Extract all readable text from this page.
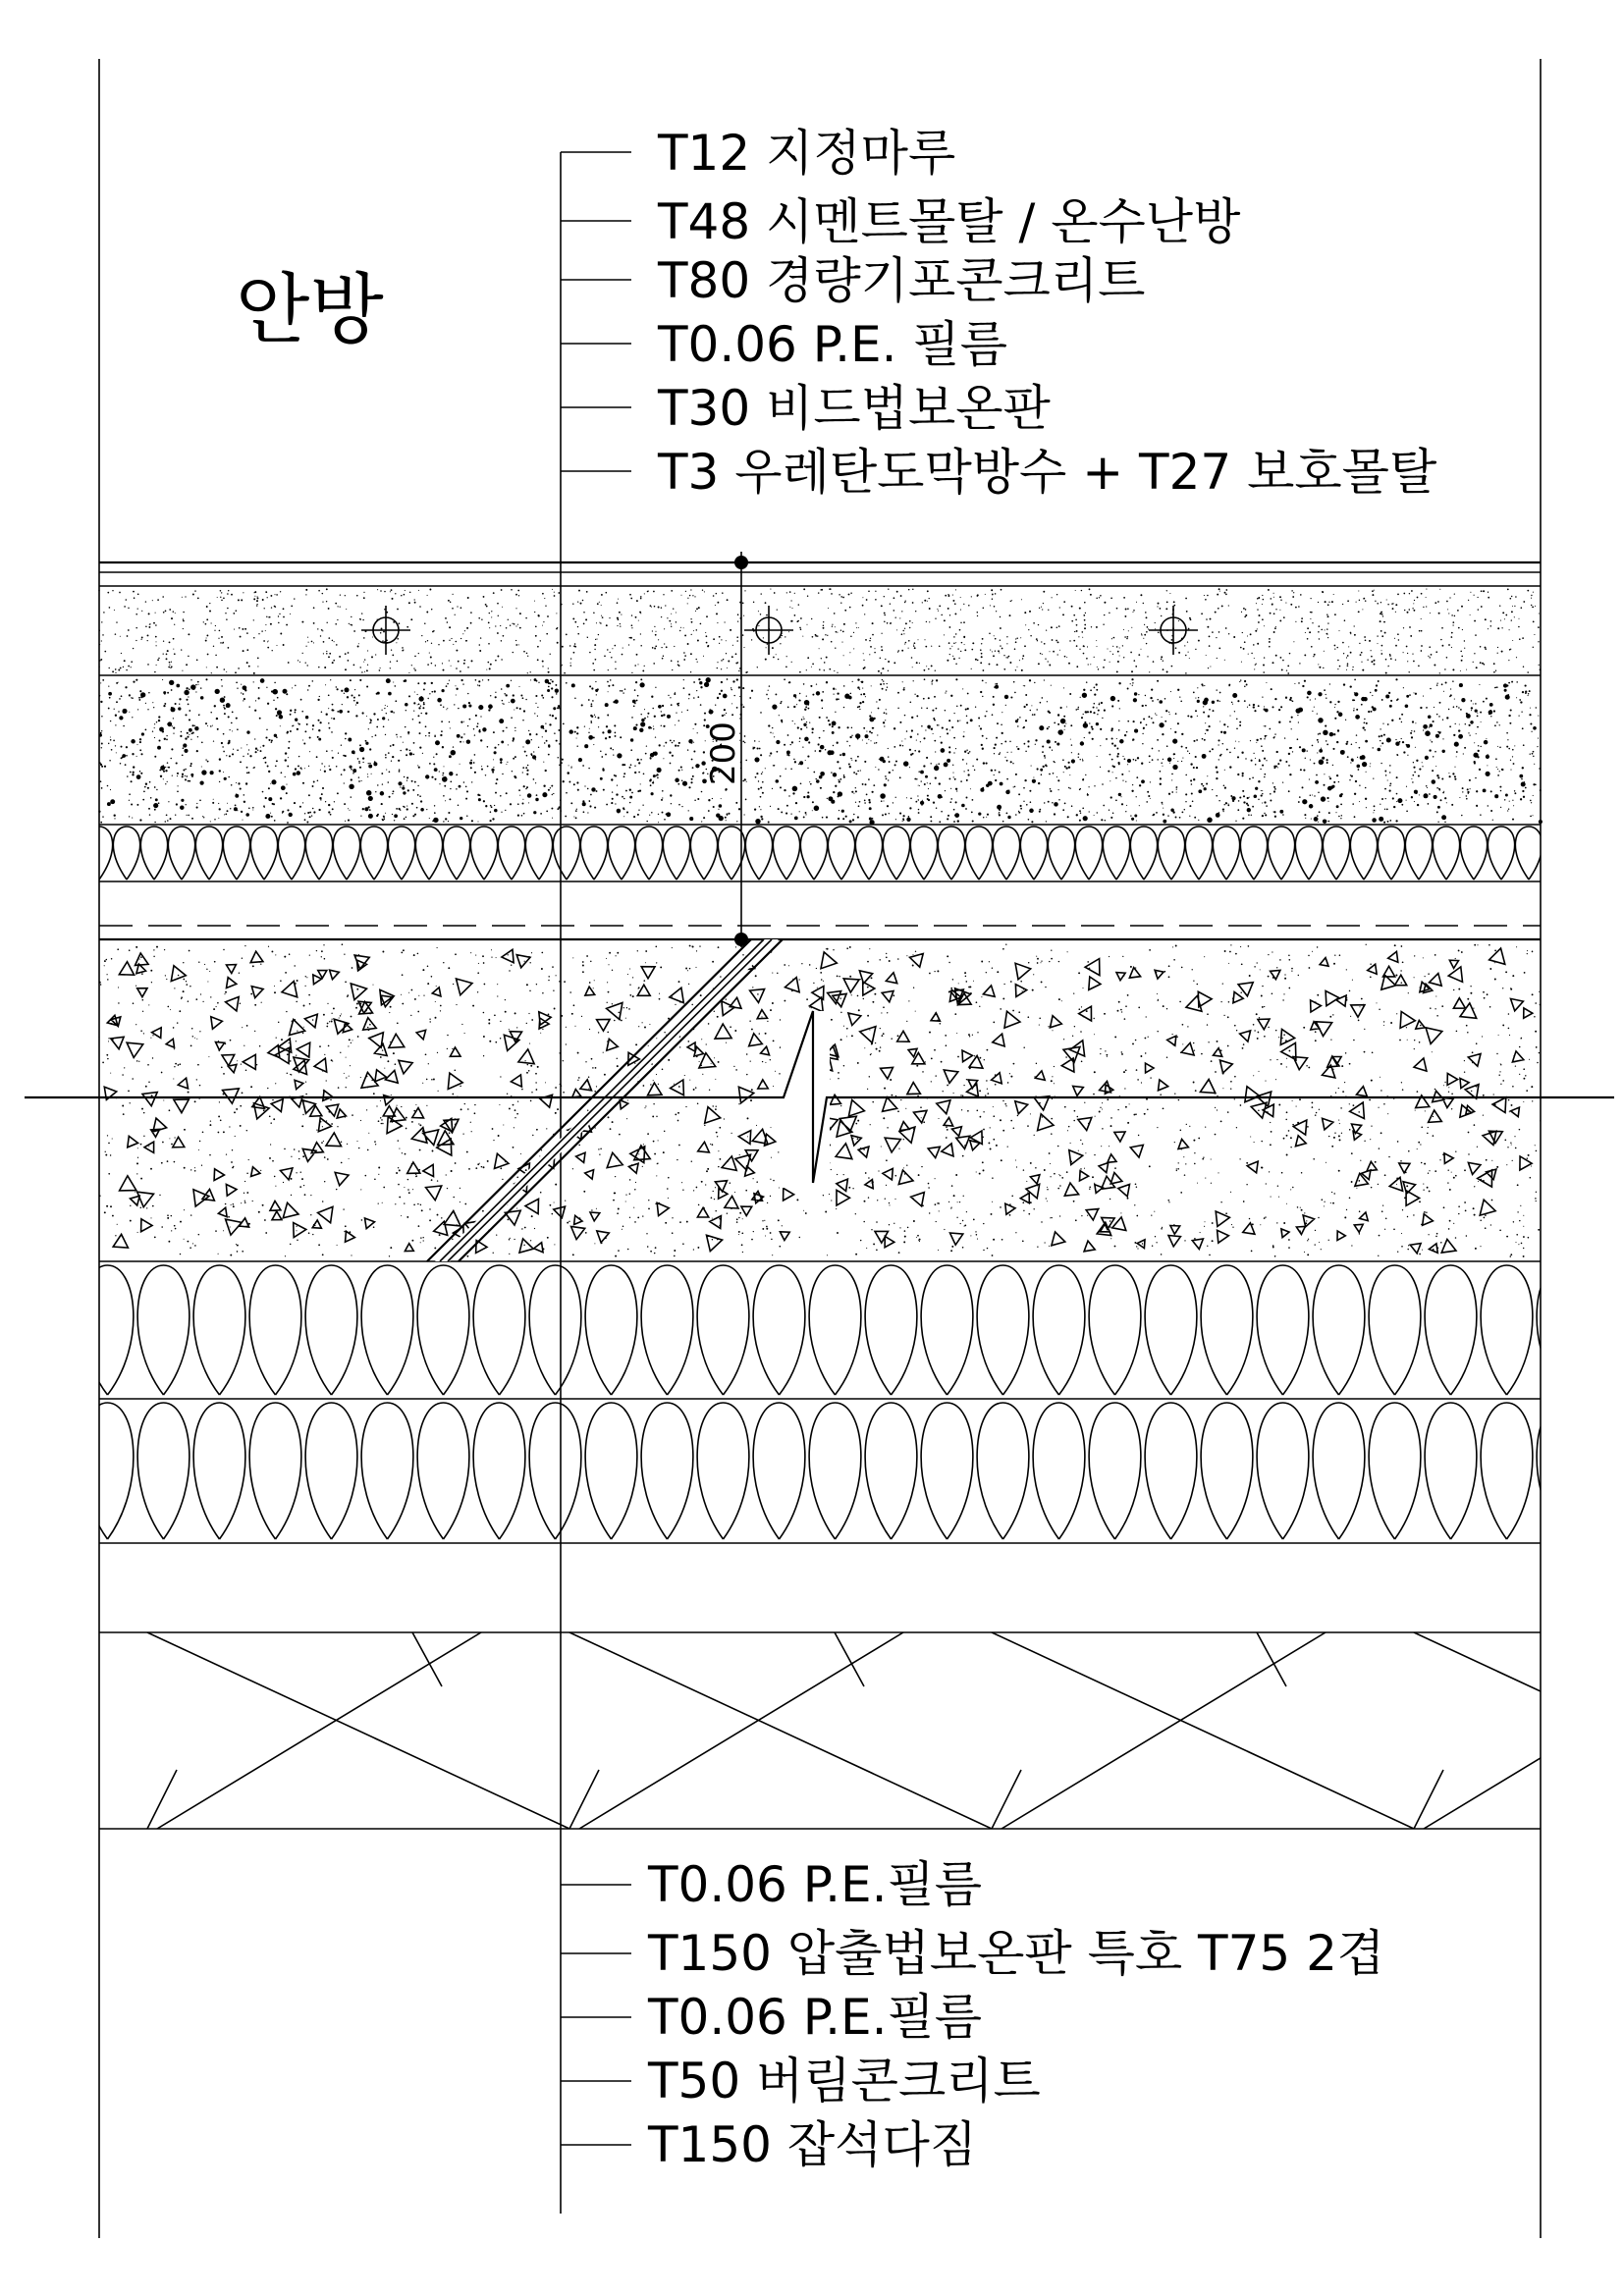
안방
T12 지정마루
T48 시멘트몰탈 / 온수난방
T80 경량기포콘크리트
T0.06 P.E. 필름
T30 비드법보온판
T3 우레탄도막방수 + T27 보호몰탈
200
T0.06 P.E.필름
T150 압출법보온판 특호 T75 2겹
T0.06 P.E.필름
T50 버림콘크리트
T150 잡석다짐
